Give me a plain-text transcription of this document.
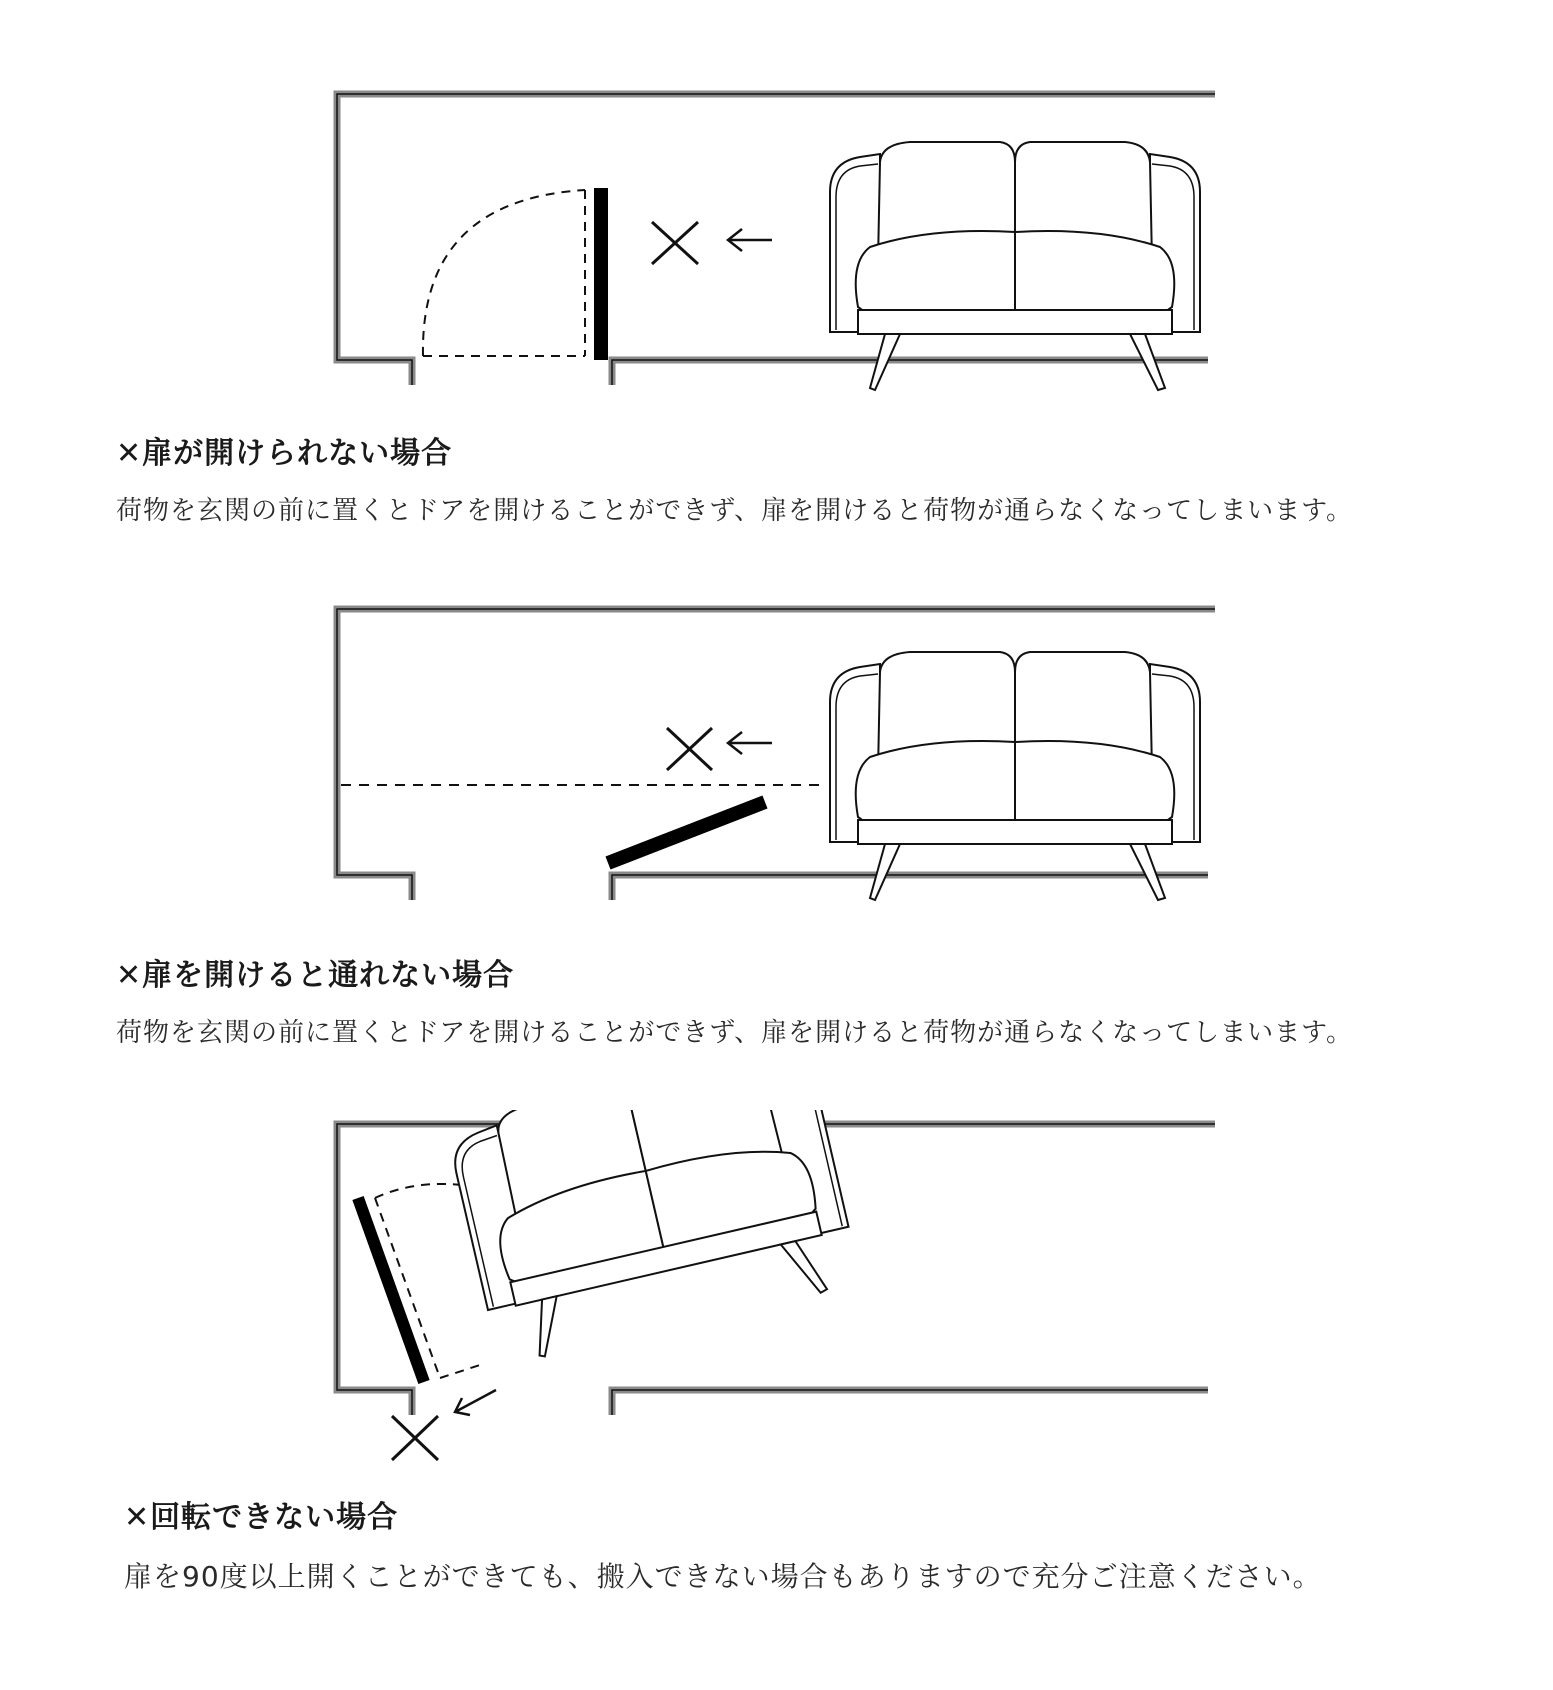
✕扉が開けられない場合
荷物を玄関の前に置くとドアを開けることができず、扉を開けると荷物が通らなくなってしまいます。
✕扉を開けると通れない場合
荷物を玄関の前に置くとドアを開けることができず、扉を開けると荷物が通らなくなってしまいます。
✕回転できない場合
扉を90度以上開くことができても、搬入できない場合もありますので充分ご注意ください。
